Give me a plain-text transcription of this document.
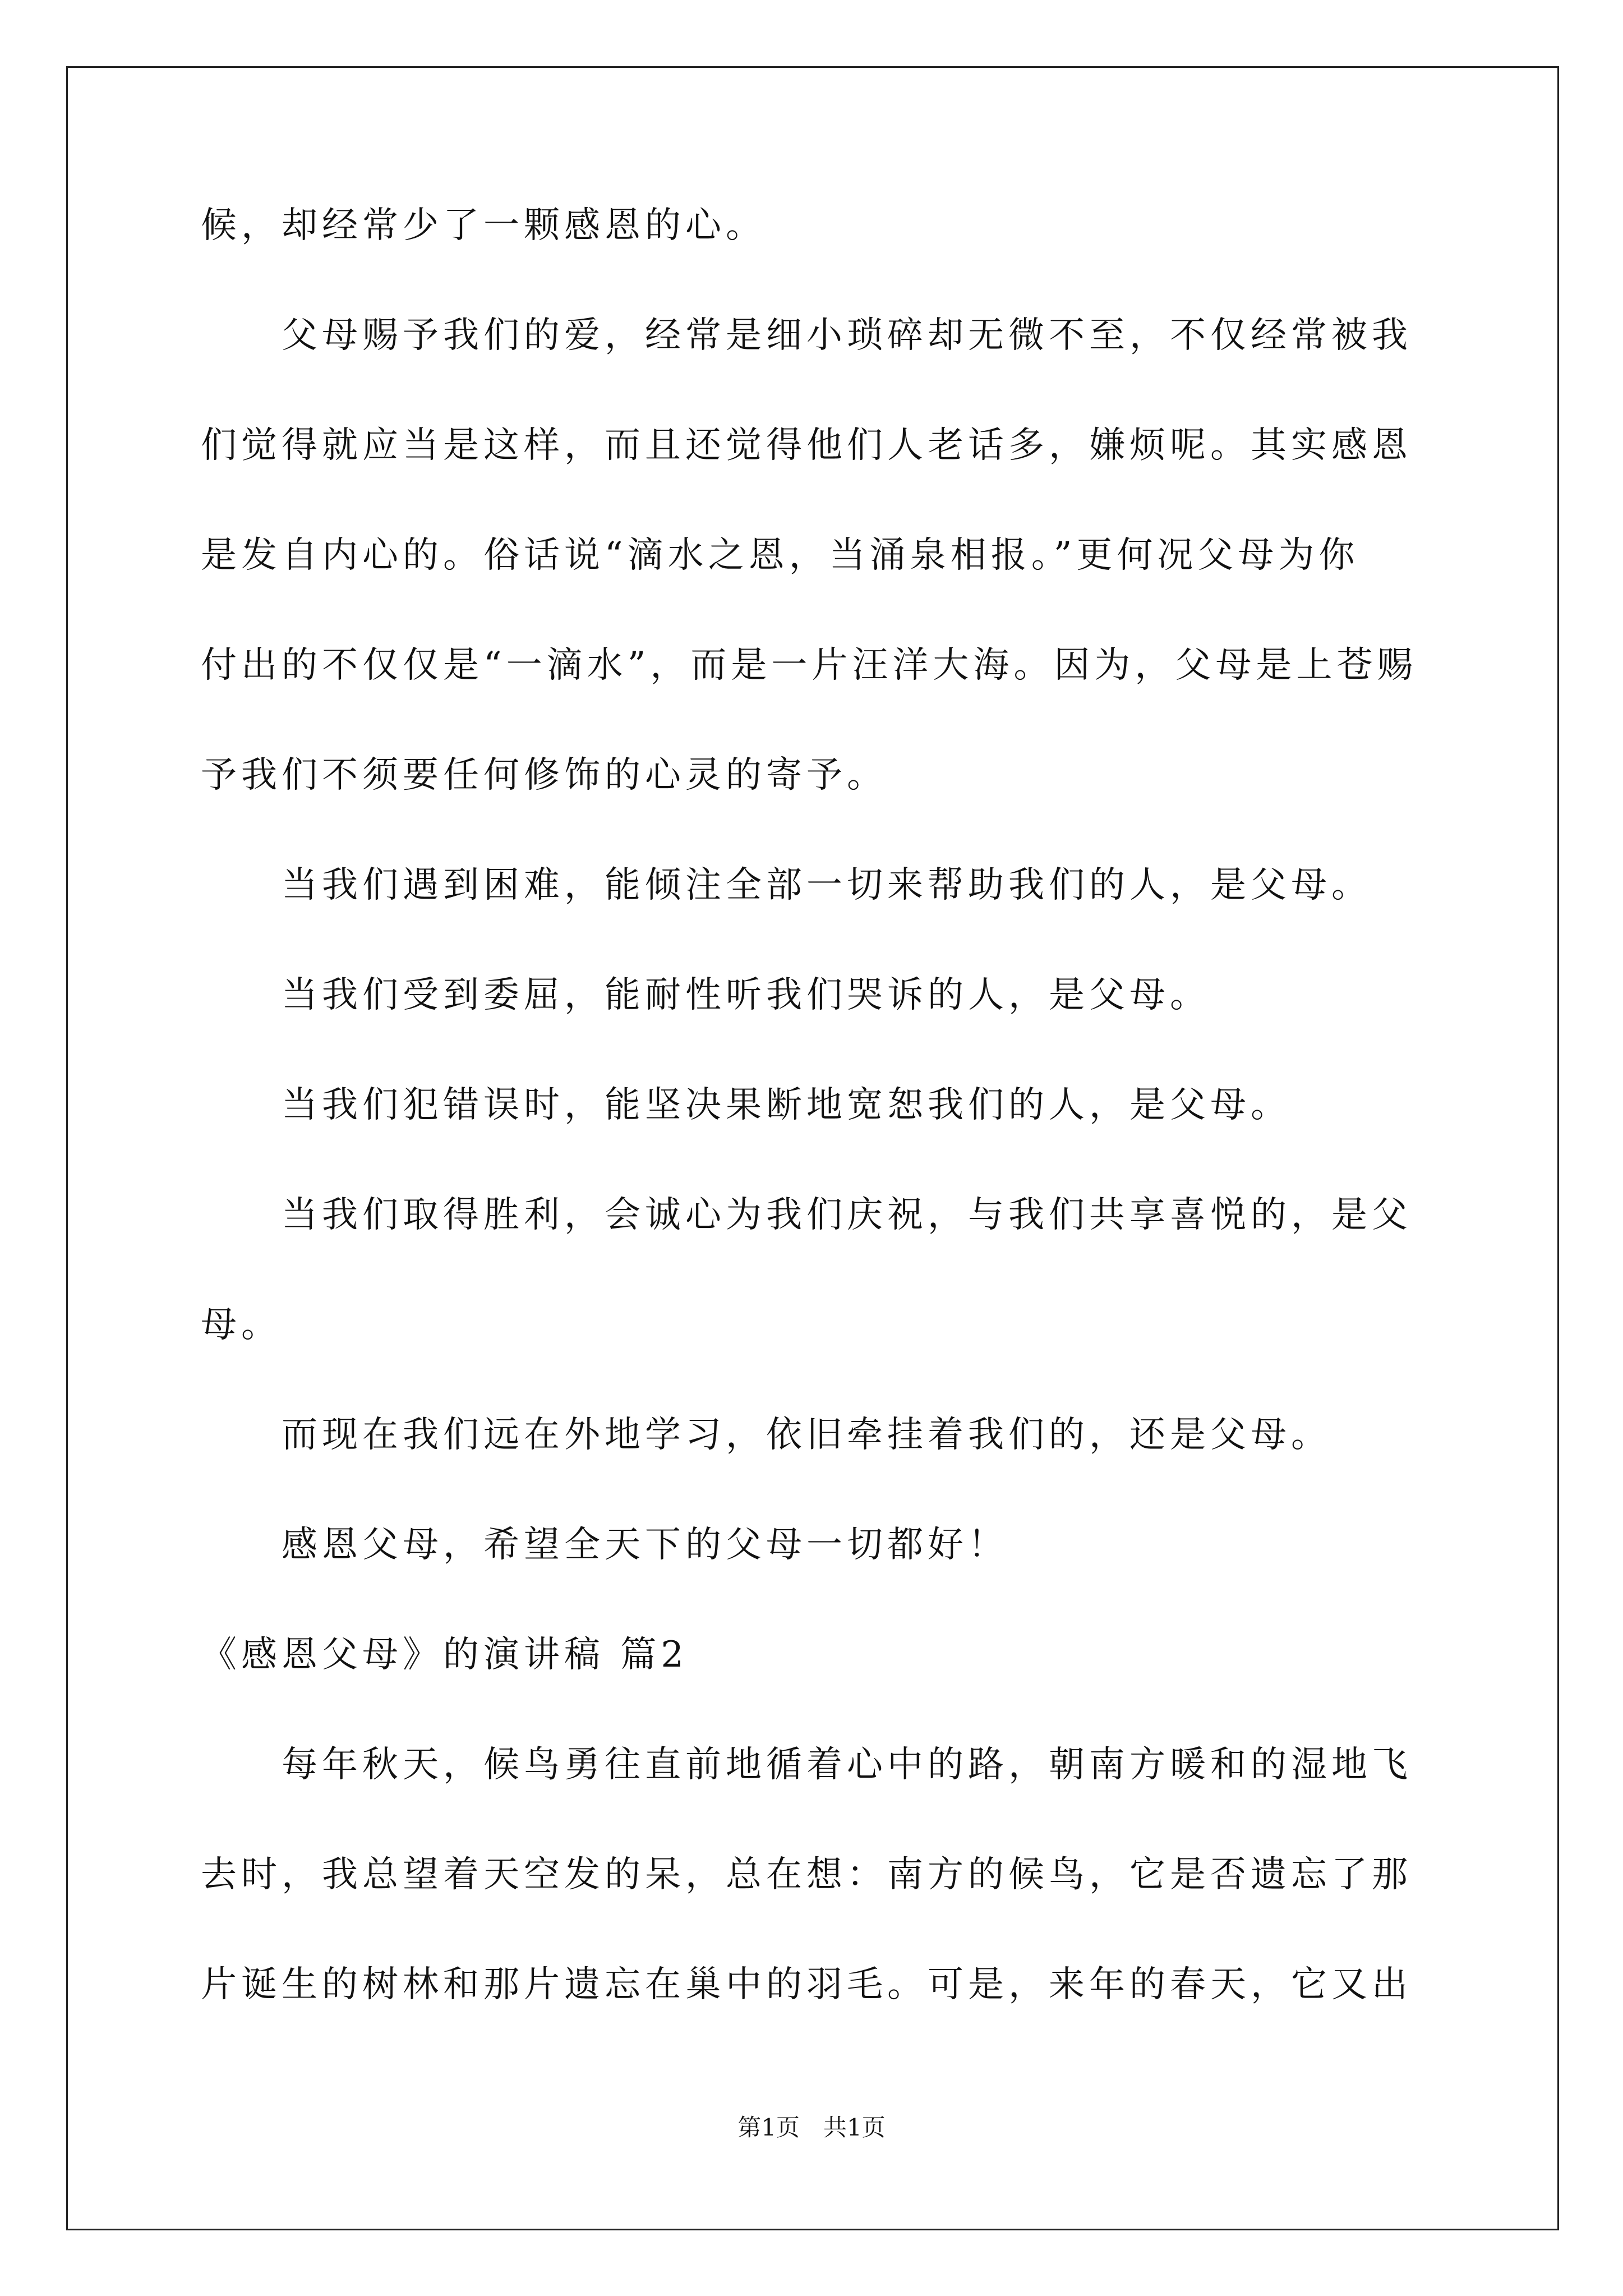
候，却经常少了一颗感恩的心。

　　父母赐予我们的爱，经常是细小琐碎却无微不至，不仅经常被我

们觉得就应当是这样，而且还觉得他们人老话多，嫌烦呢。其实感恩

是发自内心的。俗话说“滴水之恩，当涌泉相报。”更何况父母为你

付出的不仅仅是“一滴水”，而是一片汪洋大海。因为，父母是上苍赐

予我们不须要任何修饰的心灵的寄予。

　　当我们遇到困难，能倾注全部一切来帮助我们的人，是父母。

　　当我们受到委屈，能耐性听我们哭诉的人，是父母。

　　当我们犯错误时，能坚决果断地宽恕我们的人，是父母。

　　当我们取得胜利，会诚心为我们庆祝，与我们共享喜悦的，是父

母。

　　而现在我们远在外地学习，依旧牵挂着我们的，还是父母。

　　感恩父母，希望全天下的父母一切都好！

《感恩父母》的演讲稿 篇2

　　每年秋天，候鸟勇往直前地循着心中的路，朝南方暖和的湿地飞

去时，我总望着天空发的呆，总在想：南方的候鸟，它是否遗忘了那

片诞生的树林和那片遗忘在巢中的羽毛。可是，来年的春天，它又出

第1页　共1页
